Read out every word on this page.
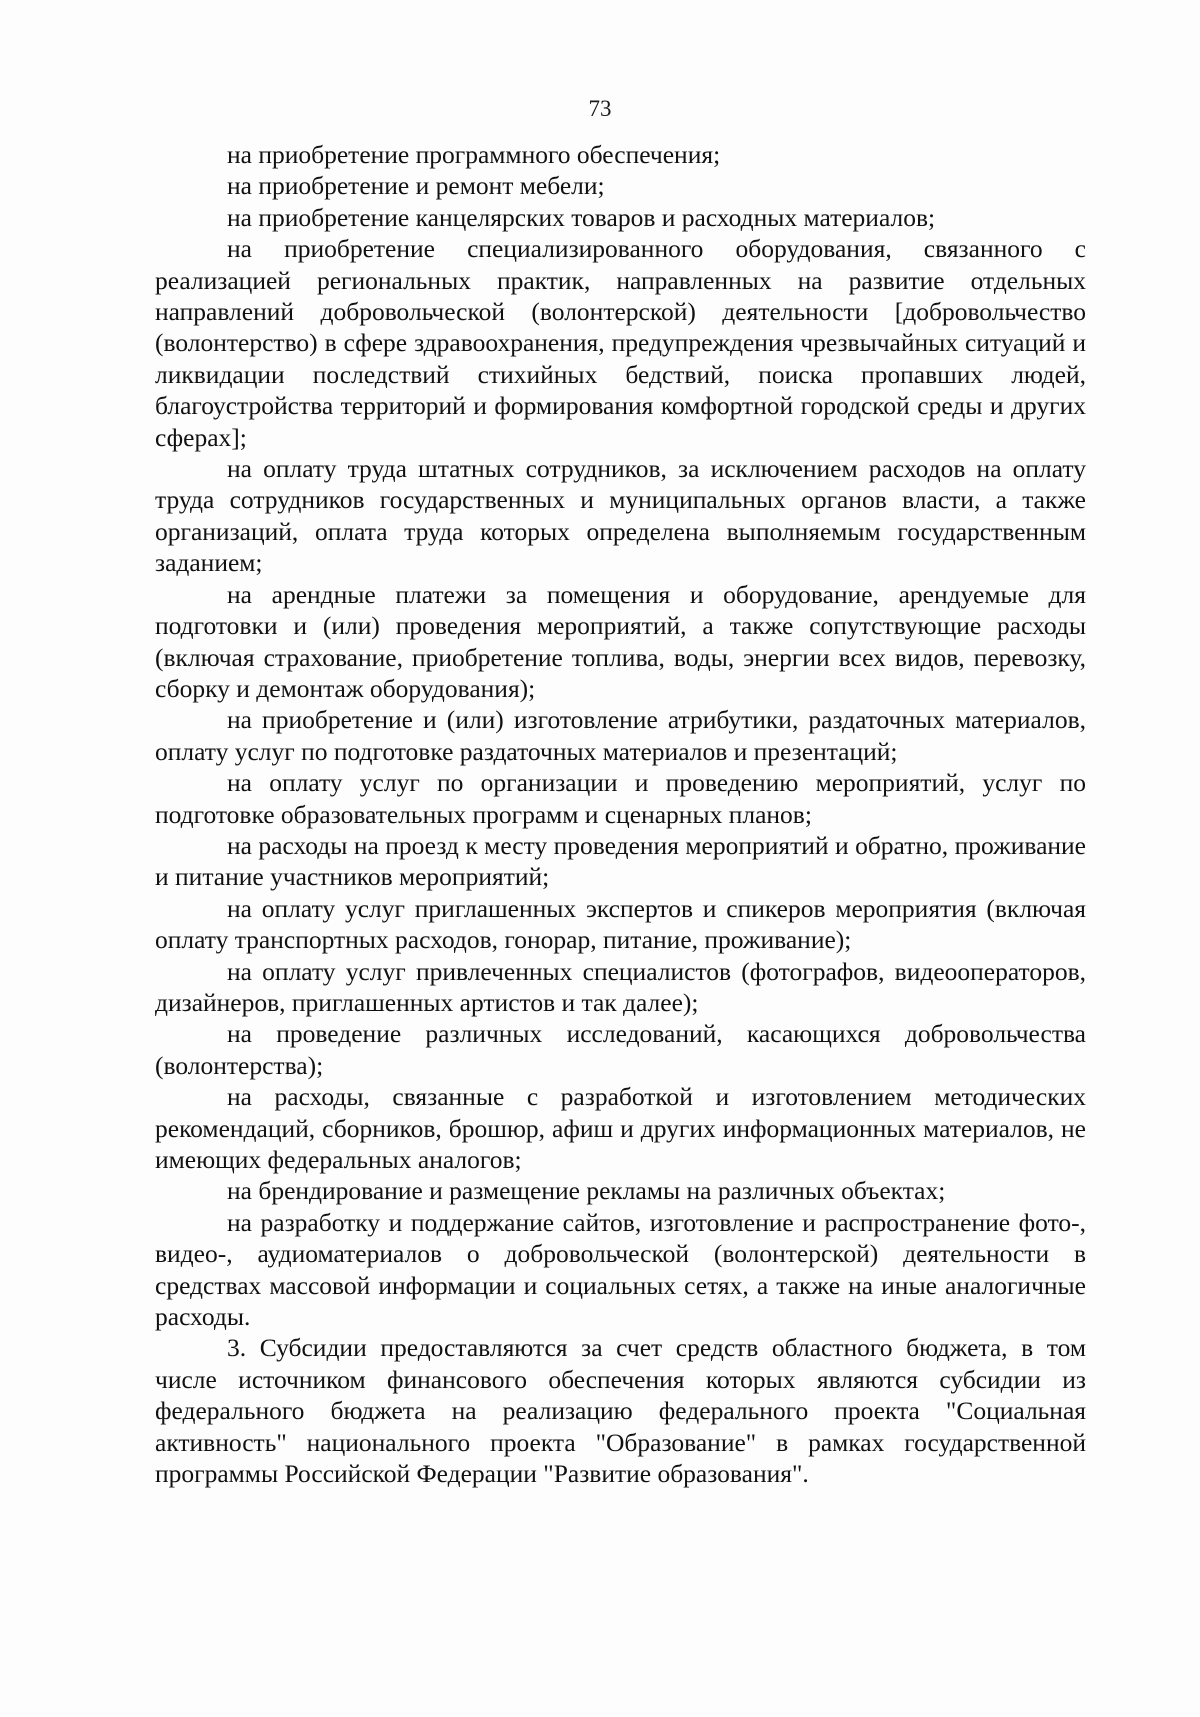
73

на приобретение программного обеспечения;

на приобретение и ремонт мебели;

на приобретение канцелярских товаров и расходных материалов;

на приобретение специализированного оборудования, связанного с реализацией региональных практик, направленных на развитие отдельных направлений добровольческой (волонтерской) деятельности [добровольчество (волонтерство) в сфере здравоохранения, предупреждения чрезвычайных ситуаций и ликвидации последствий стихийных бедствий, поиска пропавших людей, благоустройства территорий и формирования комфортной городской среды и других сферах];

на оплату труда штатных сотрудников, за исключением расходов на оплату труда сотрудников государственных и муниципальных органов власти, а также организаций, оплата труда которых определена выполняемым государственным заданием;

на арендные платежи за помещения и оборудование, арендуемые для подготовки и (или) проведения мероприятий, а также сопутствующие расходы (включая страхование, приобретение топлива, воды, энергии всех видов, перевозку, сборку и демонтаж оборудования);

на приобретение и (или) изготовление атрибутики, раздаточных материалов, оплату услуг по подготовке раздаточных материалов и презентаций;

на оплату услуг по организации и проведению мероприятий, услуг по подготовке образовательных программ и сценарных планов;

на расходы на проезд к месту проведения мероприятий и обратно, проживание и питание участников мероприятий;

на оплату услуг приглашенных экспертов и спикеров мероприятия (включая оплату транспортных расходов, гонорар, питание, проживание);

на оплату услуг привлеченных специалистов (фотографов, видеооператоров, дизайнеров, приглашенных артистов и так далее);

на проведение различных исследований, касающихся добровольчества (волонтерства);

на расходы, связанные с разработкой и изготовлением методических рекомендаций, сборников, брошюр, афиш и других информационных материалов, не имеющих федеральных аналогов;

на брендирование и размещение рекламы на различных объектах;

на разработку и поддержание сайтов, изготовление и распространение фото-, видео-, аудиоматериалов о добровольческой (волонтерской) деятельности в средствах массовой информации и социальных сетях, а также на иные аналогичные расходы.

3. Субсидии предоставляются за счет средств областного бюджета, в том числе источником финансового обеспечения которых являются субсидии из федерального бюджета на реализацию федерального проекта "Социальная активность" национального проекта "Образование" в рамках государственной программы Российской Федерации "Развитие образования".
